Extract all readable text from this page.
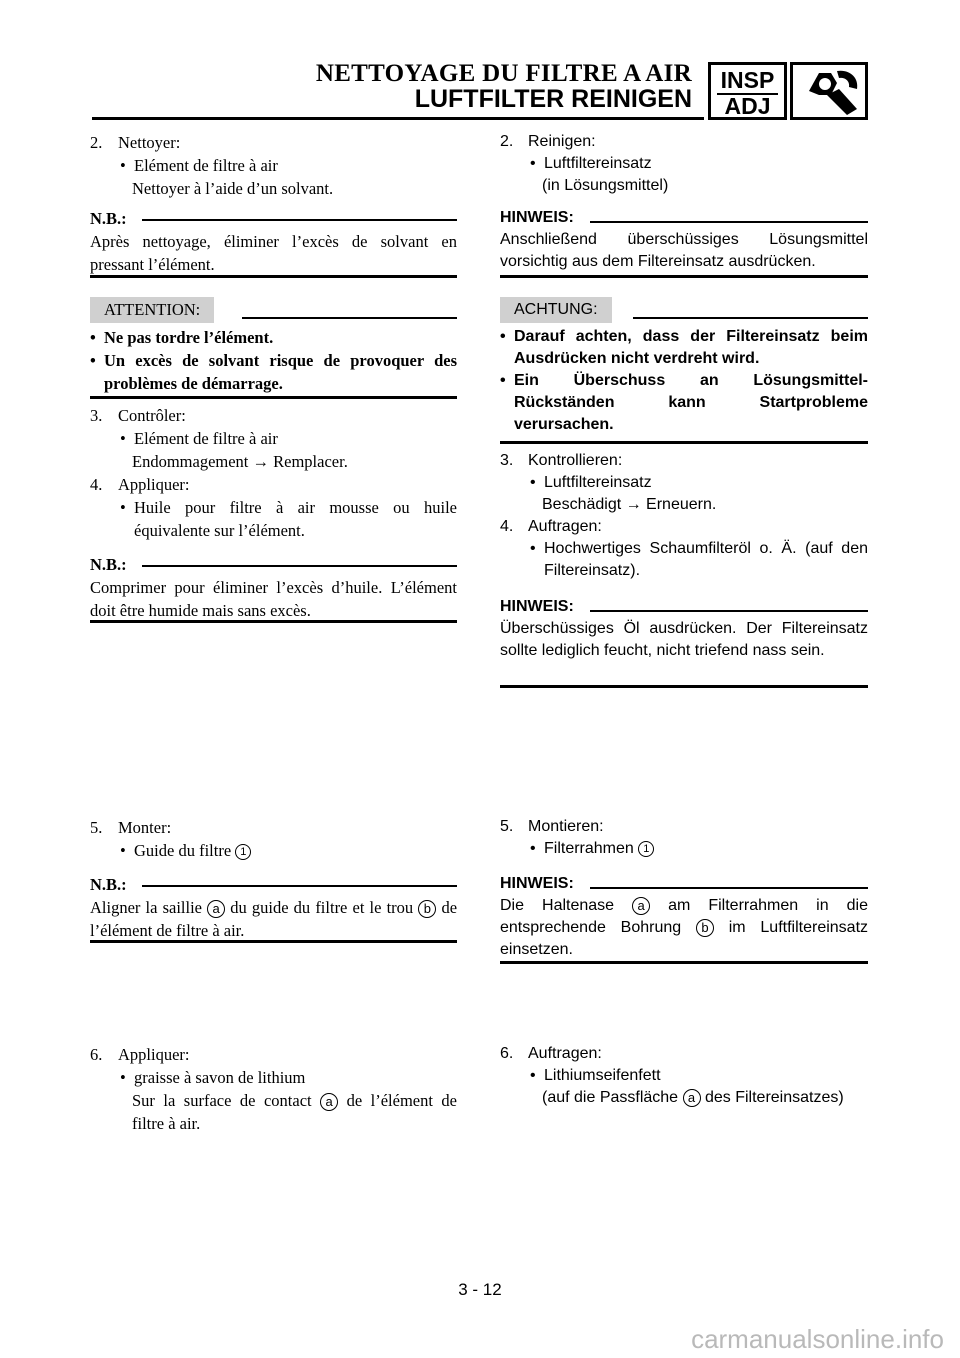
NETTOYAGE DU FILTRE A AIR
LUFTFILTER REINIGEN
INSP
ADJ
2. Nettoyer:
• Elément de filtre à air
Nettoyer à l’aide d’un solvant.
N.B.:
Après nettoyage, éliminer l’excès de solvant en pressant l’élément.
ATTENTION:
• Ne pas tordre l’élément.
• Un excès de solvant risque de provoquer des problèmes de démarrage.
3. Contrôler:
• Elément de filtre à air
Endommagement → Remplacer.
4. Appliquer:
• Huile pour filtre à air mousse ou huile équivalente sur l’élément.
N.B.:
Comprimer pour éliminer l’excès d’huile. L’élément doit être humide mais sans excès.
5. Monter:
• Guide du filtre 1
N.B.:
Aligner la saillie a du guide du filtre et le trou b de l’élément de filtre à air.
6. Appliquer:
• graisse à savon de lithium
Sur la surface de contact a de l’élément de filtre à air.
2. Reinigen:
• Luftfiltereinsatz
(in Lösungsmittel)
HINWEIS:
Anschließend überschüssiges Lösungsmittel vorsichtig aus dem Filtereinsatz ausdrücken.
ACHTUNG:
• Darauf achten, dass der Filtereinsatz beim Ausdrücken nicht verdreht wird.
• Ein Überschuss an Lösungsmittel-Rückständen kann Startprobleme verursachen.
3. Kontrollieren:
• Luftfiltereinsatz
Beschädigt → Erneuern.
4. Auftragen:
• Hochwertiges Schaumfilteröl o. Ä. (auf den Filtereinsatz).
HINWEIS:
Überschüssiges Öl ausdrücken. Der Filtereinsatz sollte lediglich feucht, nicht triefend nass sein.
5. Montieren:
• Filterrahmen 1
HINWEIS:
Die Haltenase a am Filterrahmen in die entsprechende Bohrung b im Luftfiltereinsatz einsetzen.
6. Auftragen:
• Lithiumseifenfett
(auf die Passfläche a des Filtereinsatzes)
3 - 12
carmanualsonline.info
